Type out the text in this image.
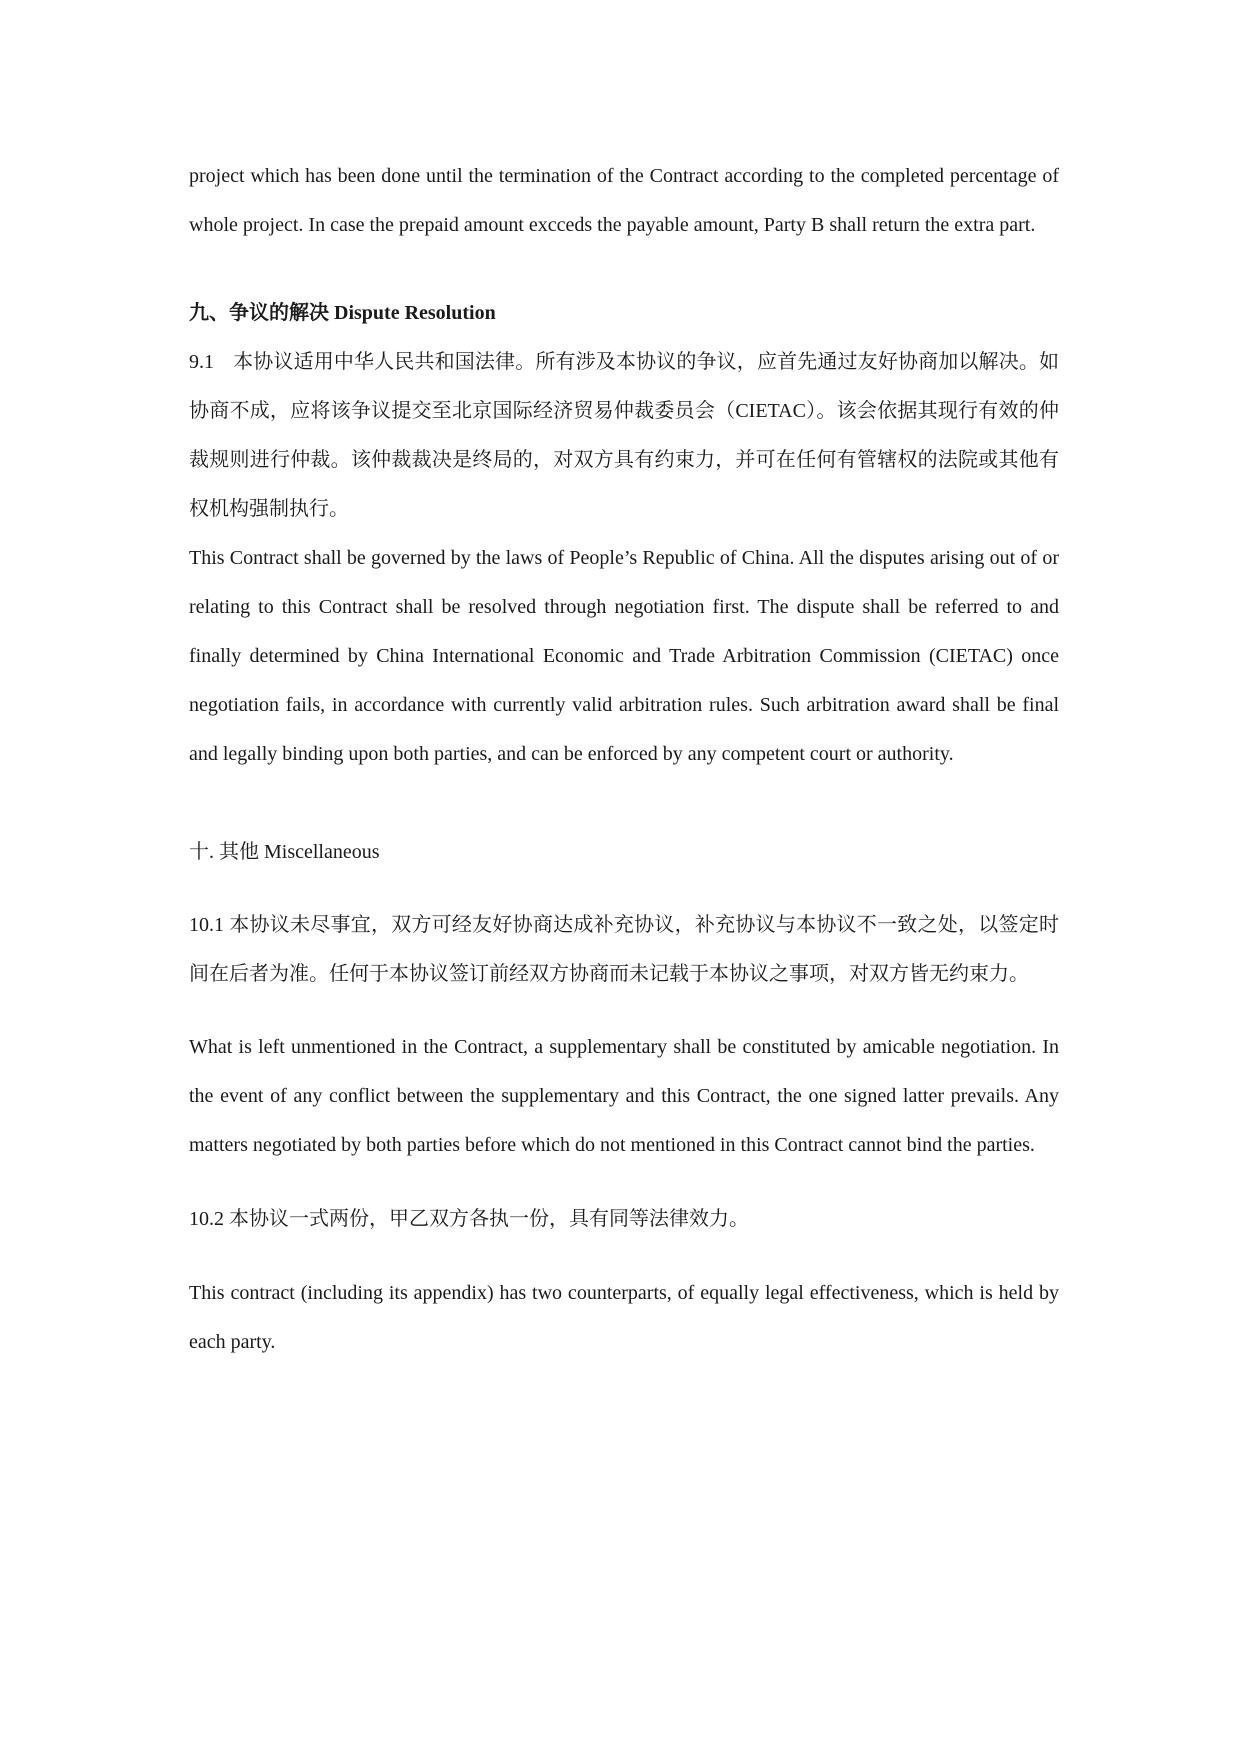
project which has been done until the termination of the Contract according to the completed percentage of whole project. In case the prepaid amount excceds the payable amount, Party B shall return the extra part.

九、争议的解决 Dispute Resolution

9.1 本协议适用中华人民共和国法律。所有涉及本协议的争议，应首先通过友好协商加以解决。如协商不成，应将该争议提交至北京国际经济贸易仲裁委员会（CIETAC）。该会依据其现行有效的仲裁规则进行仲裁。该仲裁裁决是终局的，对双方具有约束力，并可在任何有管辖权的法院或其他有权机构强制执行。

This Contract shall be governed by the laws of People’s Republic of China. All the disputes arising out of or relating to this Contract shall be resolved through negotiation first. The dispute shall be referred to and finally determined by China International Economic and Trade Arbitration Commission (CIETAC) once negotiation fails, in accordance with currently valid arbitration rules. Such arbitration award shall be final and legally binding upon both parties, and can be enforced by any competent court or authority.

十. 其他 Miscellaneous

10.1 本协议未尽事宜，双方可经友好协商达成补充协议，补充协议与本协议不一致之处，以签定时间在后者为准。任何于本协议签订前经双方协商而未记载于本协议之事项，对双方皆无约束力。

What is left unmentioned in the Contract, a supplementary shall be constituted by amicable negotiation. In the event of any conflict between the supplementary and this Contract, the one signed latter prevails. Any matters negotiated by both parties before which do not mentioned in this Contract cannot bind the parties.

10.2 本协议一式两份，甲乙双方各执一份，具有同等法律效力。

This contract (including its appendix) has two counterparts, of equally legal effectiveness, which is held by each party.
